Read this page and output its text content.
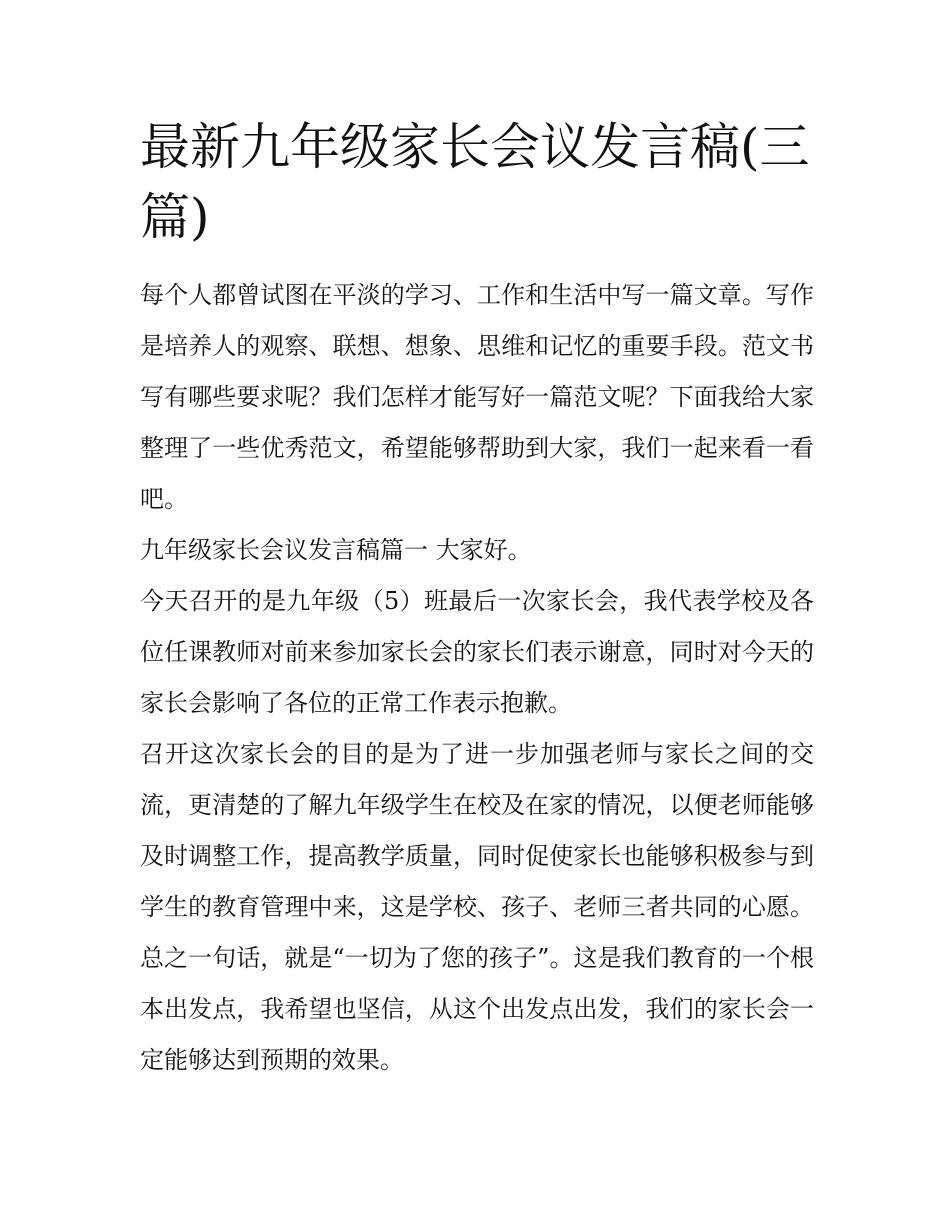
最新九年级家长会议发言稿(三篇)

每个人都曾试图在平淡的学习、工作和生活中写一篇文章。写作是培养人的观察、联想、想象、思维和记忆的重要手段。范文书写有哪些要求呢？我们怎样才能写好一篇范文呢？下面我给大家整理了一些优秀范文，希望能够帮助到大家，我们一起来看一看吧。

九年级家长会议发言稿篇一 大家好。

今天召开的是九年级（5）班最后一次家长会，我代表学校及各位任课教师对前来参加家长会的家长们表示谢意，同时对今天的家长会影响了各位的正常工作表示抱歉。

召开这次家长会的目的是为了进一步加强老师与家长之间的交流，更清楚的了解九年级学生在校及在家的情况，以便老师能够及时调整工作，提高教学质量，同时促使家长也能够积极参与到学生的教育管理中来，这是学校、孩子、老师三者共同的心愿。总之一句话，就是“一切为了您的孩子”。这是我们教育的一个根本出发点，我希望也坚信，从这个出发点出发，我们的家长会一定能够达到预期的效果。
